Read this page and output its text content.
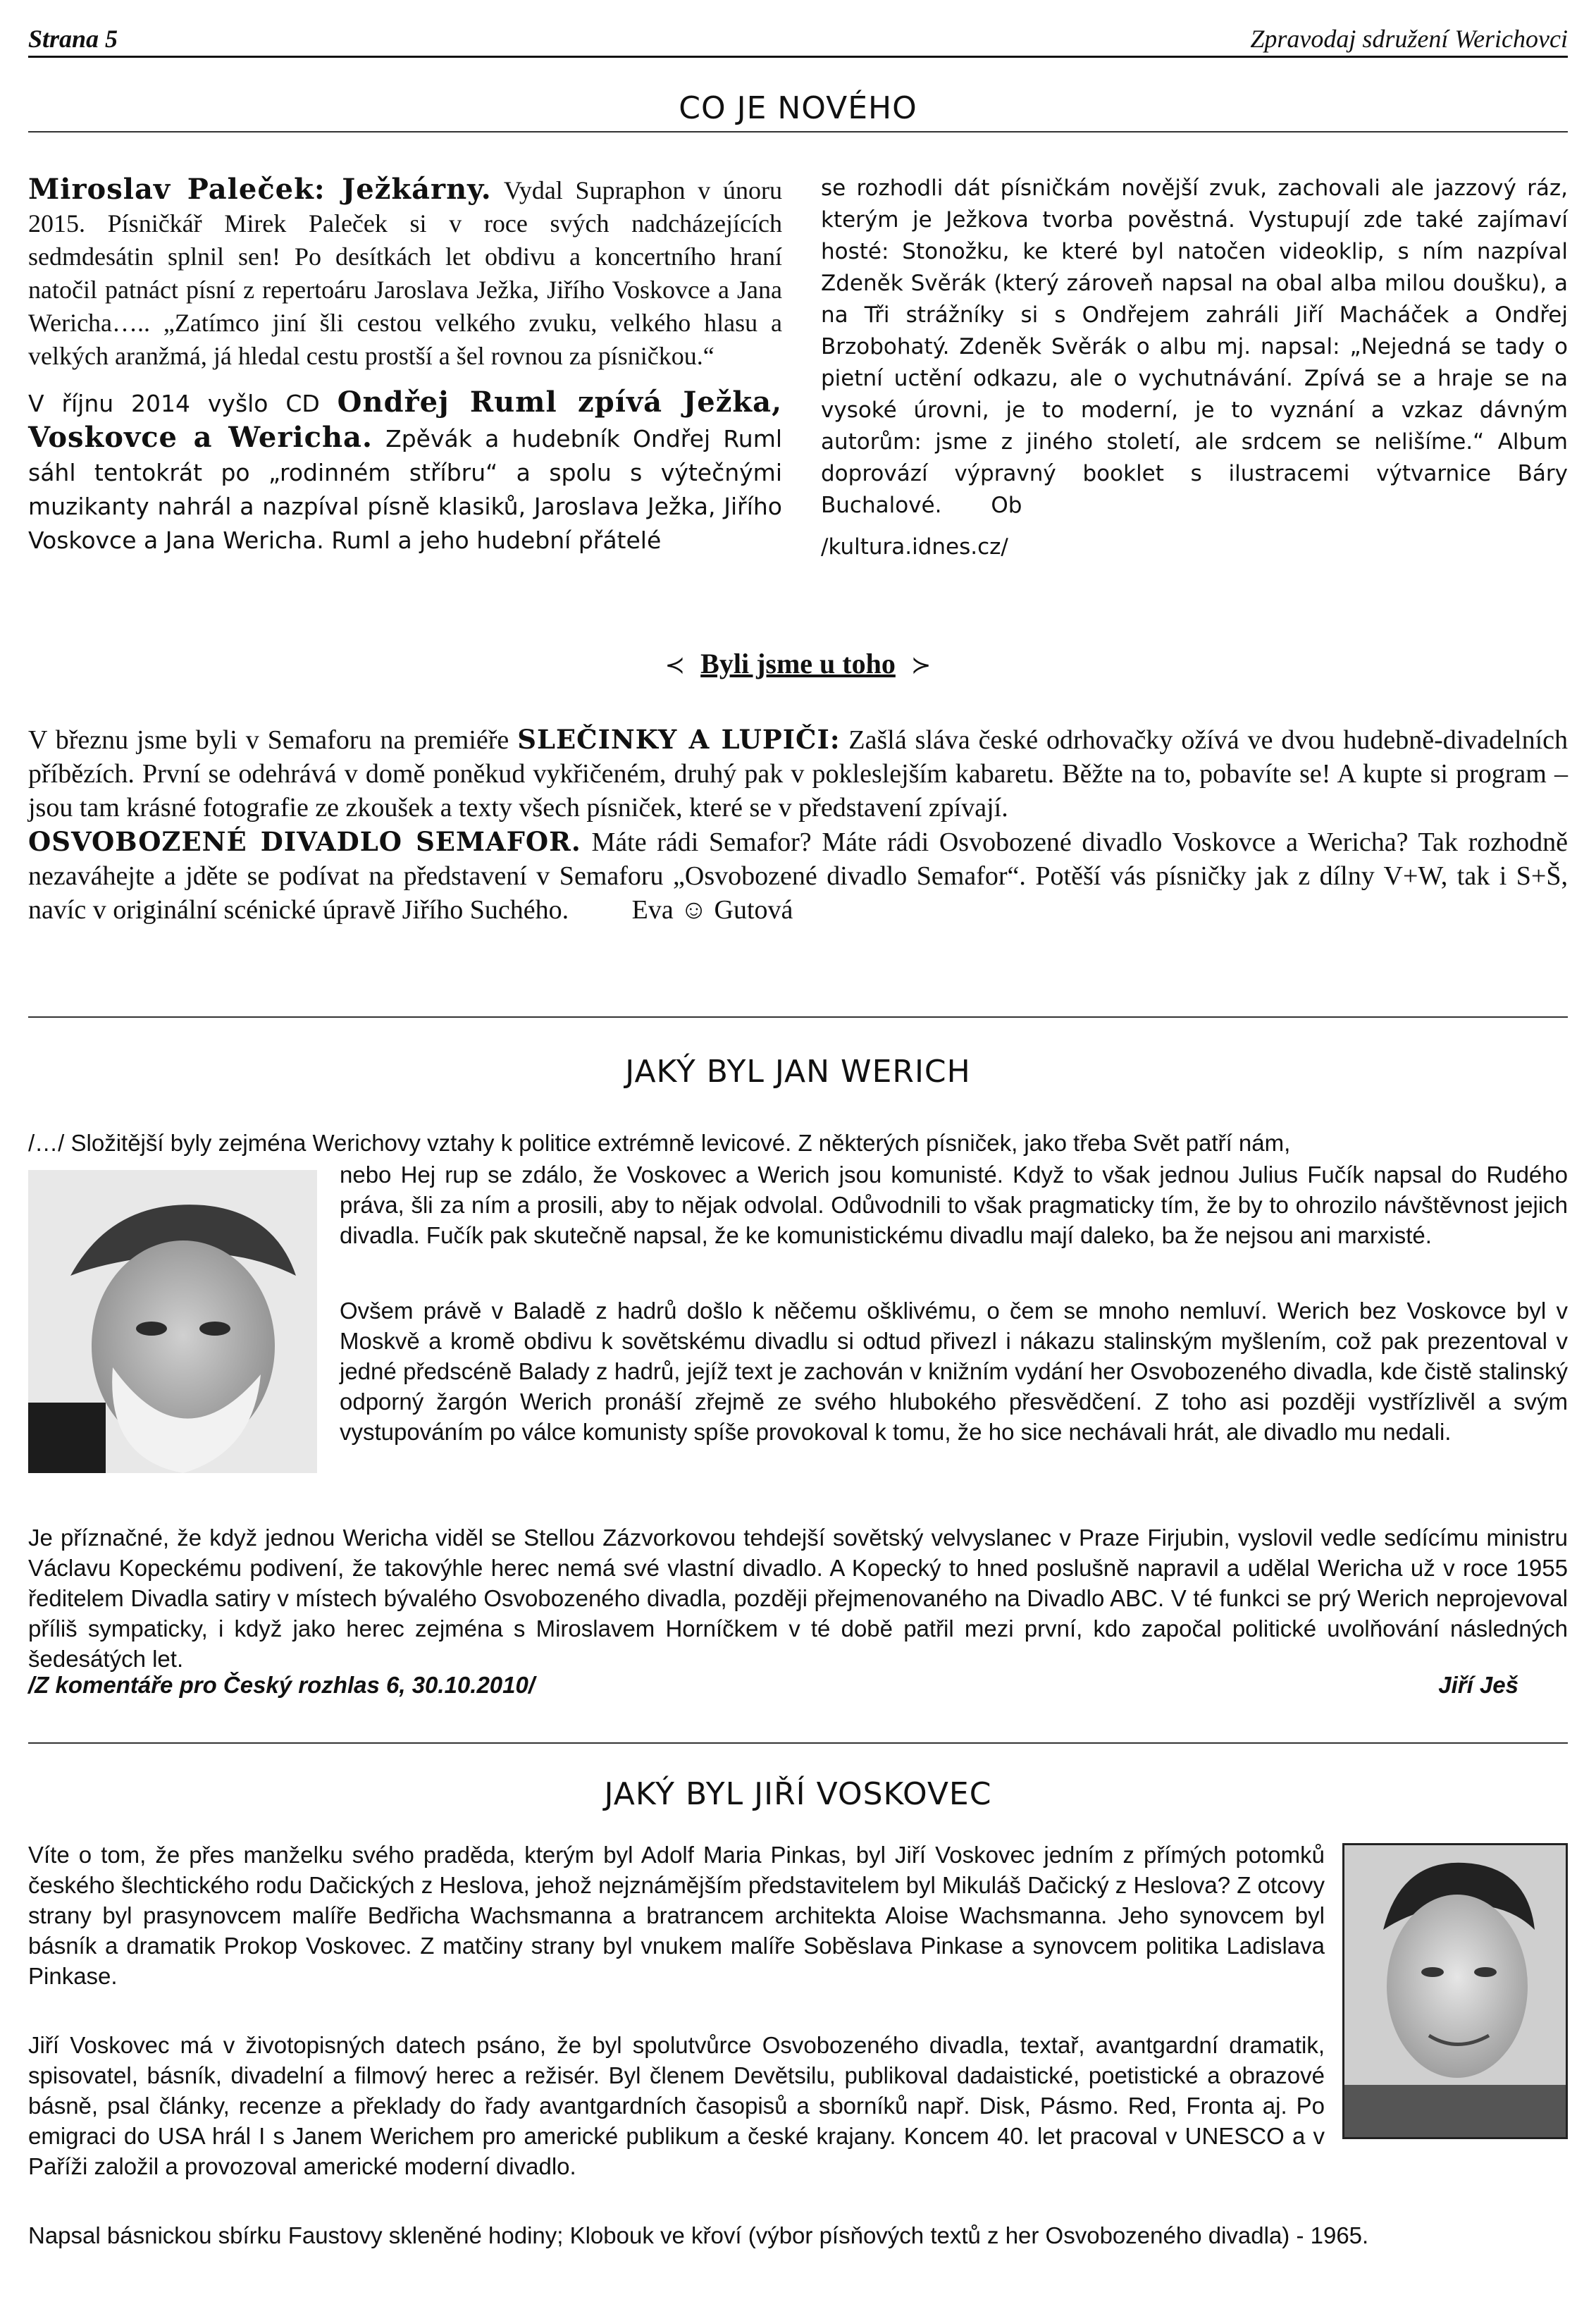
Strana 5	Zpravodaj sdružení Werichovci
CO JE NOVÉHO

Miroslav Paleček: Ježkárny. Vydal Supraphon v únoru 2015. Písničkář Mirek Paleček si v roce svých nadcházejících sedmdesátin splnil sen! Po desítkách let obdivu a koncertního hraní natočil patnáct písní z repertoáru Jaroslava Ježka, Jiřího Voskovce a Jana Wericha….. „Zatímco jiní šli cestou velkého zvuku, velkého hlasu a velkých aranžmá, já hledal cestu prostší a šel rovnou za písničkou.“

V říjnu 2014 vyšlo CD Ondřej Ruml zpívá Ježka, Voskovce a Wericha. Zpěvák a hudebník Ondřej Ruml sáhl tentokrát po „rodinném stříbru“ a spolu s výtečnými muzikanty nahrál a nazpíval písně klasiků, Jaroslava Ježka, Jiřího Voskovce a Jana Wericha. Ruml a jeho hudební přátelé

se rozhodli dát písničkám novější zvuk, zachovali ale jazzový ráz, kterým je Ježkova tvorba pověstná. Vystupují zde také zajímaví hosté: Stonožku, ke které byl natočen videoklip, s ním nazpíval Zdeněk Svěrák (který zároveň napsal na obal alba milou doušku), a na Tři strážníky si s Ondřejem zahráli Jiří Macháček a Ondřej Brzobohatý. Zdeněk Svěrák o albu mj. napsal: „Nejedná se tady o pietní uctění odkazu, ale o vychutnávání. Zpívá se a hraje se na vysoké úrovni, je to moderní, je to vyznání a vzkaz dávným autorům: jsme z jiného století, ale srdcem se nelišíme.“ Album doprovází výpravný booklet s ilustracemi výtvarnice Báry Buchalové. Ob

/kultura.idnes.cz/

≺ Byli jsme u toho ≻

V březnu jsme byli v Semaforu na premiéře SLEČINKY A LUPIČI: Zašlá sláva české odrhovačky ožívá ve dvou hudebně-divadelních příbězích. První se odehrává v domě poněkud vykřičeném, druhý pak v pokleslejším kabaretu. Běžte na to, pobavíte se! A kupte si program – jsou tam krásné fotografie ze zkoušek a texty všech písniček, které se v představení zpívají.

OSVOBOZENÉ DIVADLO SEMAFOR. Máte rádi Semafor? Máte rádi Osvobozené divadlo Voskovce a Wericha? Tak rozhodně nezaváhejte a jděte se podívat na představení v Semaforu „Osvobozené divadlo Semafor“. Potěší vás písničky jak z dílny V+W, tak i S+Š, navíc v originální scénické úpravě Jiřího Suchého. Eva ☺ Gutová

JAKÝ BYL JAN WERICH
/…/ Složitější byly zejména Werichovy vztahy k politice extrémně levicové. Z některých písniček, jako třeba Svět patří nám,
nebo Hej rup se zdálo, že Voskovec a Werich jsou komunisté. Když to však jednou Julius Fučík napsal do Rudého práva, šli za ním a prosili, aby to nějak odvolal. Odůvodnili to však pragmaticky tím, že by to ohrozilo návštěvnost jejich divadla. Fučík pak skutečně napsal, že ke komunistickému divadlu mají daleko, ba že nejsou ani marxisté.
Ovšem právě v Baladě z hadrů došlo k něčemu ošklivému, o čem se mnoho nemluví. Werich bez Voskovce byl v Moskvě a kromě obdivu k sovětskému divadlu si odtud přivezl i nákazu stalinským myšlením, což pak prezentoval v jedné předscéně Balady z hadrů, jejíž text je zachován v knižním vydání her Osvobozeného divadla, kde čistě stalinský odporný žargón Werich pronáší zřejmě ze svého hlubokého přesvědčení. Z toho asi později vystřízlivěl a svým vystupováním po válce komunisty spíše provokoval k tomu, že ho sice nechávali hrát, ale divadlo mu nedali.
Je příznačné, že když jednou Wericha viděl se Stellou Zázvorkovou tehdejší sovětský velvyslanec v Praze Firjubin, vyslovil vedle sedícímu ministru Václavu Kopeckému podivení, že takovýhle herec nemá své vlastní divadlo. A Kopecký to hned poslušně napravil a udělal Wericha už v roce 1955 ředitelem Divadla satiry v místech bývalého Osvobozeného divadla, později přejmenovaného na Divadlo ABC. V té funkci se prý Werich neprojevoval příliš sympaticky, i když jako herec zejména s Miroslavem Horníčkem v té době patřil mezi první, kdo započal politické uvolňování následných šedesátých let.
/Z komentáře pro Český rozhlas 6, 30.10.2010/	Jiří Ješ
JAKÝ BYL JIŘÍ VOSKOVEC
Víte o tom, že přes manželku svého praděda, kterým byl Adolf Maria Pinkas, byl Jiří Voskovec jedním z přímých potomků českého šlechtického rodu Dačických z Heslova, jehož nejznámějším představitelem byl Mikuláš Dačický z Heslova? Z otcovy strany byl prasynovcem malíře Bedřicha Wachsmanna a bratrancem architekta Aloise Wachsmanna. Jeho synovcem byl básník a dramatik Prokop Voskovec. Z matčiny strany byl vnukem malíře Soběslava Pinkase a synovcem politika Ladislava Pinkase.
Jiří Voskovec má v životopisných datech psáno, že byl spolutvůrce Osvobozeného divadla, textař, avantgardní dramatik, spisovatel, básník, divadelní a filmový herec a režisér. Byl členem Devětsilu, publikoval dadaistické, poetistické a obrazové básně, psal články, recenze a překlady do řady avantgardních časopisů a sborníků např. Disk, Pásmo. Red, Fronta aj. Po emigraci do USA hrál I s Janem Werichem pro americké publikum a české krajany. Koncem 40. let pracoval v UNESCO a v Paříži založil a provozoval americké moderní divadlo.
Napsal básnickou sbírku Faustovy skleněné hodiny; Klobouk ve křoví (výbor písňových textů z her Osvobozeného divadla) - 1965.
